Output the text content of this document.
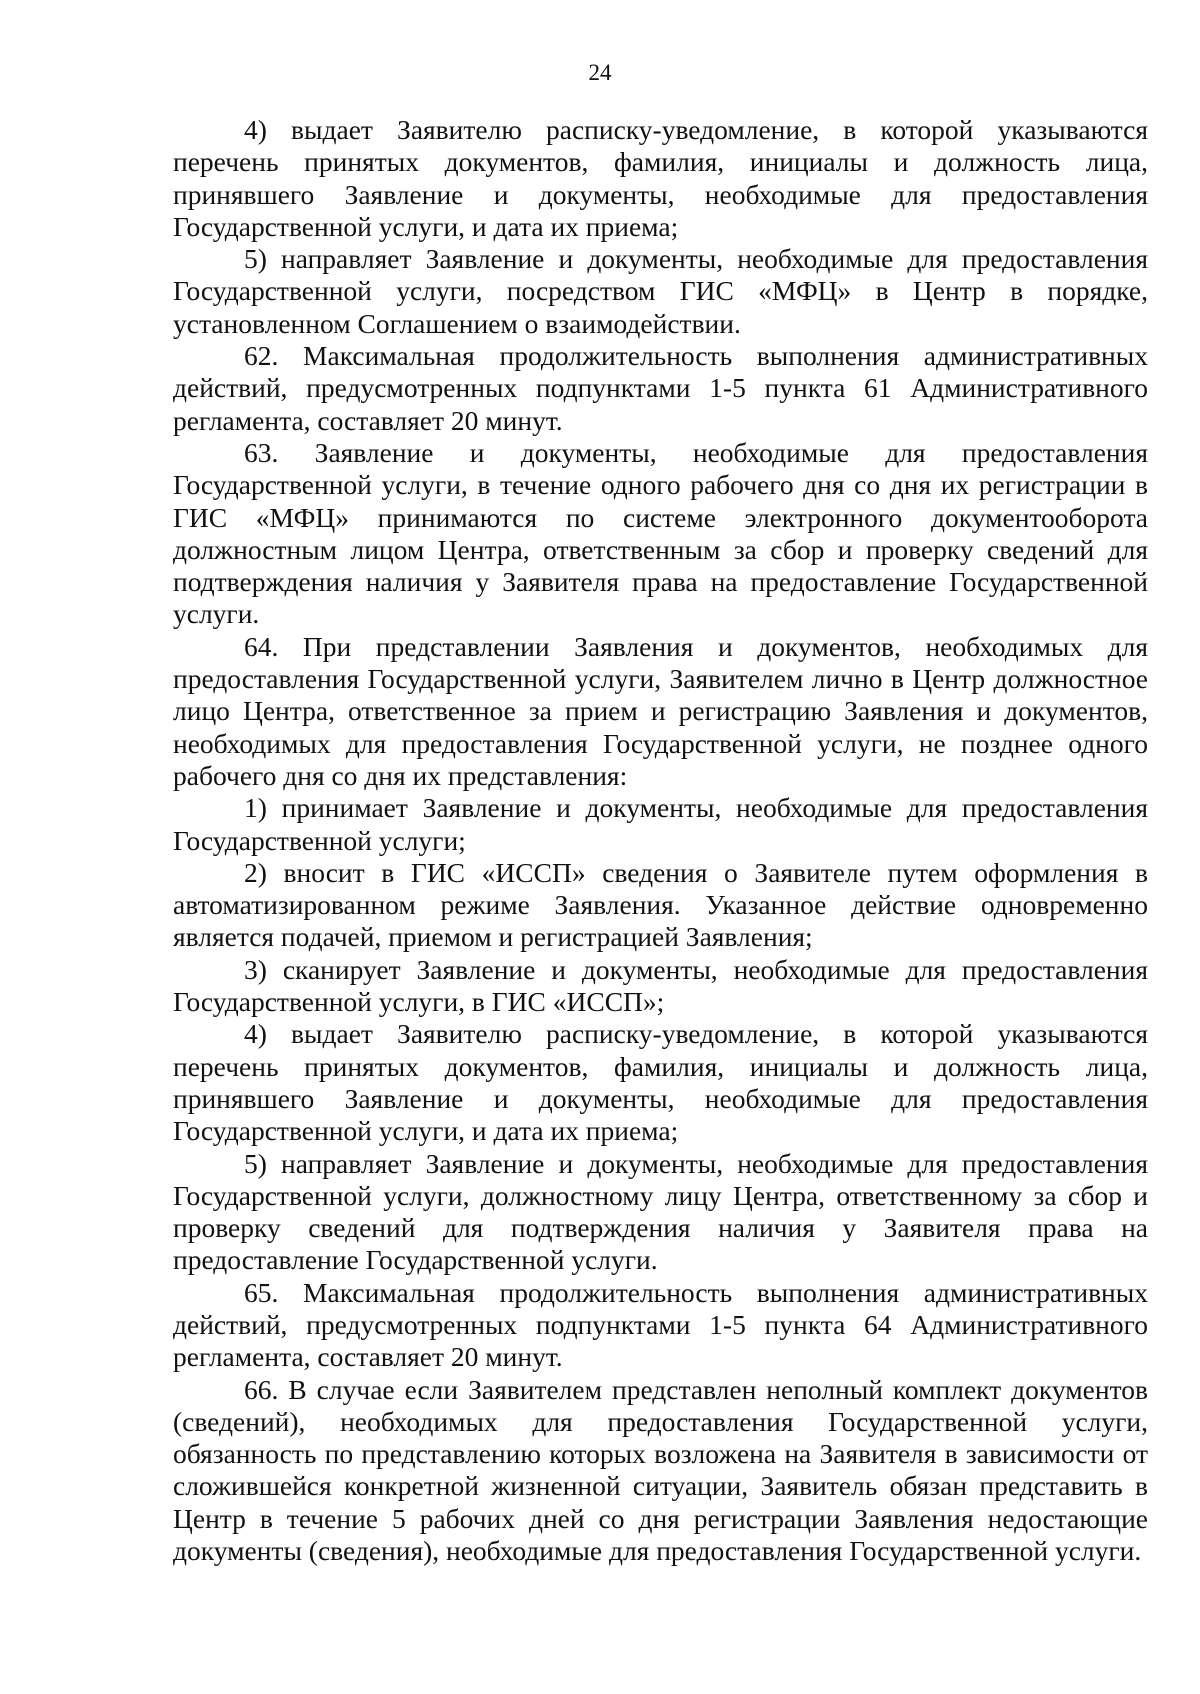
24

4) выдает Заявителю расписку-уведомление, в которой указываются перечень принятых документов, фамилия, инициалы и должность лица, принявшего Заявление и документы, необходимые для предоставления Государственной услуги, и дата их приема;

5) направляет Заявление и документы, необходимые для предоставления Государственной услуги, посредством ГИС «МФЦ» в Центр в порядке, установленном Соглашением о взаимодействии.

62. Максимальная продолжительность выполнения административных действий, предусмотренных подпунктами 1-5 пункта 61 Административного регламента, составляет 20 минут.

63. Заявление и документы, необходимые для предоставления Государственной услуги, в течение одного рабочего дня со дня их регистрации в ГИС «МФЦ» принимаются по системе электронного документооборота должностным лицом Центра, ответственным за сбор и проверку сведений для подтверждения наличия у Заявителя права на предоставление Государственной услуги.

64. При представлении Заявления и документов, необходимых для предоставления Государственной услуги, Заявителем лично в Центр должностное лицо Центра, ответственное за прием и регистрацию Заявления и документов, необходимых для предоставления Государственной услуги, не позднее одного рабочего дня со дня их представления:

1) принимает Заявление и документы, необходимые для предоставления Государственной услуги;

2) вносит в ГИС «ИССП» сведения о Заявителе путем оформления в автоматизированном режиме Заявления. Указанное действие одновременно является подачей, приемом и регистрацией Заявления;

3) сканирует Заявление и документы, необходимые для предоставления Государственной услуги, в ГИС «ИССП»;

4) выдает Заявителю расписку-уведомление, в которой указываются перечень принятых документов, фамилия, инициалы и должность лица, принявшего Заявление и документы, необходимые для предоставления Государственной услуги, и дата их приема;

5) направляет Заявление и документы, необходимые для предоставления Государственной услуги, должностному лицу Центра, ответственному за сбор и проверку сведений для подтверждения наличия у Заявителя права на предоставление Государственной услуги.

65. Максимальная продолжительность выполнения административных действий, предусмотренных подпунктами 1-5 пункта 64 Административного регламента, составляет 20 минут.

66. В случае если Заявителем представлен неполный комплект документов (сведений), необходимых для предоставления Государственной услуги, обязанность по представлению которых возложена на Заявителя в зависимости от сложившейся конкретной жизненной ситуации, Заявитель обязан представить в Центр в течение 5 рабочих дней со дня регистрации Заявления недостающие документы (сведения), необходимые для предоставления Государственной услуги.
